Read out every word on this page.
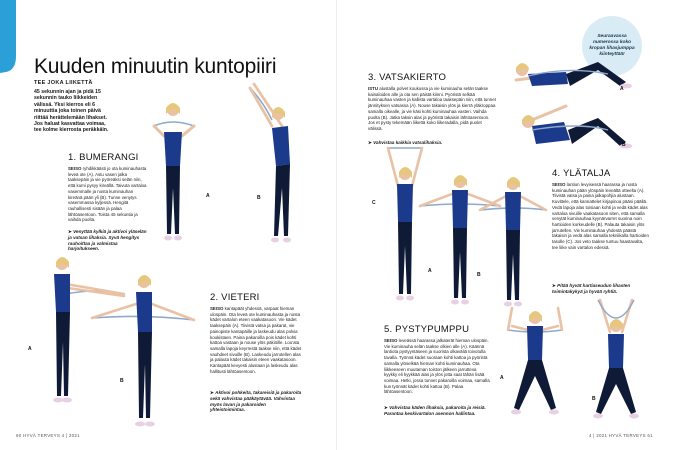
Kuuden minuutin kuntopiiri
TEE JOKA LIIKETTÄ
45 sekunnin ajan ja pidä 15 sekunnin tauko liikkeiden välissä. Yksi kierros eli 6 minuuttia joka toinen päivä riittää herättelemään lihakset. Jos haluat kasvattaa voimaa, tee kolme kierrosta peräkkäin.
A	B
1. BUMERANGI
SEISO ryhdikkäästi jo ota kuminauhasta leveä ote (A). Astu vasen jalka taaksepäin ja vie pyöreäksi selän niin, että kumi pysyy kireällä. Taivuta vartaloa vasemmalle ja nosta kuminauhan kireänä pään yli (B). Tunne venytys vasemmassa kyljessä. Hengitä rauhallisesti sisään ja palaa lähtöasentoon. Toista 45 sekuntia ja vaihda puolta.
➤ Venyttää kylkiä ja aktivoi yläselän ja vatsan lihaksia. Syvä hengitys rauhoittaa ja valmistaa harjoitukseen.
A
B
2. VIETERI
SEISO kantapäät yhdessä, varpaat hieman ulospäin. Ota leveä ote kuminauhasta ja nosta kädet vartalon eteen vaakatasoon. Vie kädet taaksepäin (A). Tiivistä vatsa ja pakarat, vie painopiste kantapäille ja laskeudu alas polvia koukistaen. Paina pakaroilla pois kädet kohti kattoa vastaan ja nouse ylös päkiöille. Lou'ata samalla lapoja keyrrestä taakse niin, että kädet vauhdeet sivuille (B). Laskeudu jarrutellen alas ja palauta kädet takaisin eteen vaakatasoon. Kantapäät kevyesti alustaan ja laskeudu alas hallitusti lähtöasentoon.
➤ Aktivoi pohkeita, takareisiä ja pakaroita sekä vahvistaa pääkäytävää. Vahvistaa myös lavan ja pakaroiden yhteistoimintaa.
60 HYVÄ TERVEYS 4 | 2021	4 | 2021 HYVÄ TERVEYS 61
Seuraavassa numerossa koko kropan lihasjumppa kiinteyttää!
3. VATSAKIERTO
ISTU alustalla polvet koukussa ja vie kuminauha selän taakse kainaloiden alle ja ota sen päistä kiinni. Pyöristä selkää kuminauhaa vasten ja kallista vartaloa taaksepäin niin, että tunnet jännityksen vatsassa (A). Nouse takaisin ylös ja kierrä yläkroppaa samalla oikealle, ja vie käsi kohti kuminauhaa vasten. Vaihda puolta (B). Jatka taksin alas ja pyöristä takaisin lähtöasentoon. Jos et pysty tekemään liikettä koko liikeradalla, pidä puolet välissä.
➤ Vahvistaa kaikkia vatsalihaksia.
A
B
C
A
B
4. YLÄTALJA
SEISO lantion levyisessä haarassa ja nosta kuminauhan pään ylöspäin leveältä otteelta (A). Tiivistä vatsa ja paina jalkapohjia alustaan. Kuvittele, että kannattelet kirjapinoa pääsi päällä. Vedä lapoja alas toisiaan kohti ja vedä kädet alas vartaloa sivuille vaakatasoon siten, että samalla venytät kuminauhaa kyynärvarret suorina noin hartioiden korkeudelle (B). Palauta takaisin ylös jarrutellen. Vie kuminauhaa yhdestä päästä takaisin ja vedä alas samalla tekniikalla hartioiden tasolle (C). Jos veto taakse tuntuu haastavalta, tee liike vain vartalon edessä.
➤ Pitää hyvät hartiaseudun lihasten toimintakykyä ja hyvää ryhtiä.
5. PYSTYPUMPPU
SEISO leveässä haarassa jalkaterät hieman ulospäin. Vie kuminauha selän taakse olkien alle (A). Käännä lantiota pystyyntäseen ja suorista olkaväliä toivotulla tavalla. Työnnä kädet suoraan kohti kattoa ja pyöristä samalla ylöselkää hieman kohti kuminauhaa. Ota liikkeeseen muutaman toiston jälkeen jarrutteva kyykky eli kyykkää alas ja ylös jotta saat tähän lisää voimaa. Hetki, jossa tunnet pakaroilla voimaa, samalla kun työnnät kädet kohti kattoa (B). Palaa lähtöasentoon.
➤ Vahvistaa käden lihaksia, pakaroita ja reisiä. Parantaa keskivartalon asennon hallintaa.
A
B
